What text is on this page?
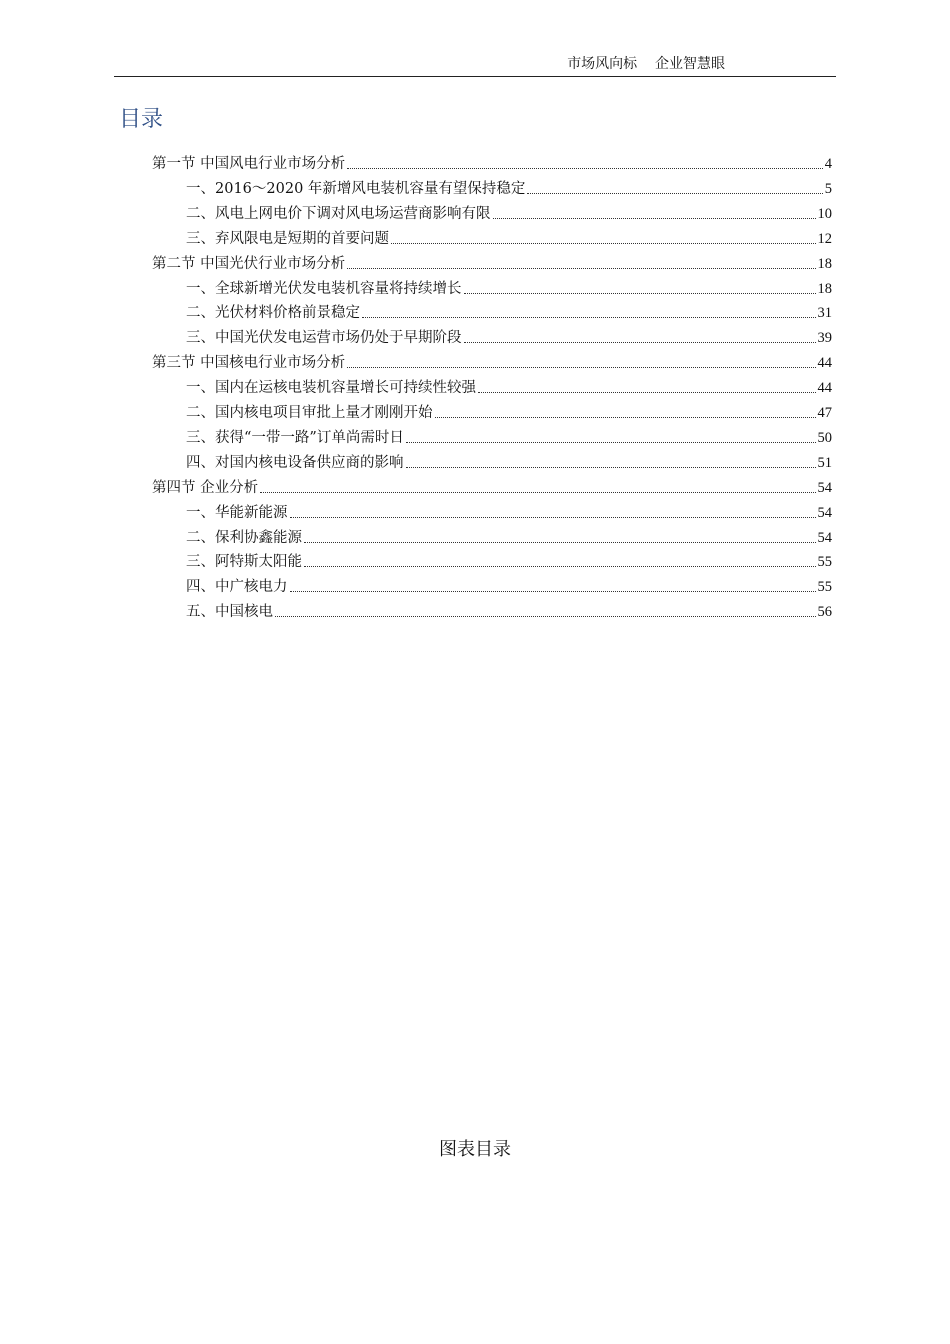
市场风向标    企业智慧眼
目录
第一节 中国风电行业市场分析	4
一、2016～2020 年新增风电装机容量有望保持稳定	5
二、风电上网电价下调对风电场运营商影响有限	10
三、弃风限电是短期的首要问题	12
第二节 中国光伏行业市场分析	18
一、全球新增光伏发电装机容量将持续增长	18
二、光伏材料价格前景稳定	31
三、中国光伏发电运营市场仍处于早期阶段	39
第三节 中国核电行业市场分析	44
一、国内在运核电装机容量增长可持续性较强	44
二、国内核电项目审批上量才刚刚开始	47
三、获得“一带一路”订单尚需时日	50
四、对国内核电设备供应商的影响	51
第四节 企业分析	54
一、华能新能源	54
二、保利协鑫能源	54
三、阿特斯太阳能	55
四、中广核电力	55
五、中国核电	56
图表目录
